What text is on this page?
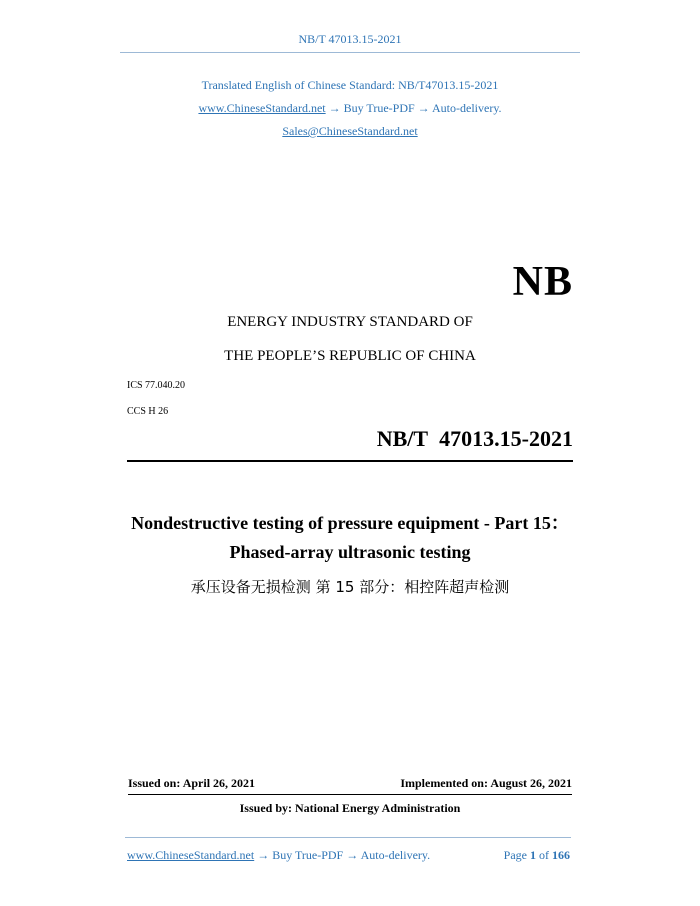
NB/T 47013.15-2021
Translated English of Chinese Standard: NB/T47013.15-2021
www.ChineseStandard.net → Buy True-PDF → Auto-delivery.
Sales@ChineseStandard.net
NB
ENERGY INDUSTRY STANDARD OF
THE PEOPLE’S REPUBLIC OF CHINA
ICS 77.040.20
CCS H 26
NB/T 47013.15-2021
Nondestructive testing of pressure equipment - Part 15：
Phased-array ultrasonic testing
承压设备无损检测 第 15 部分：相控阵超声检测
Issued on: April 26, 2021	Implemented on: August 26, 2021
Issued by: National Energy Administration
www.ChineseStandard.net → Buy True-PDF → Auto-delivery.	Page 1 of 166
